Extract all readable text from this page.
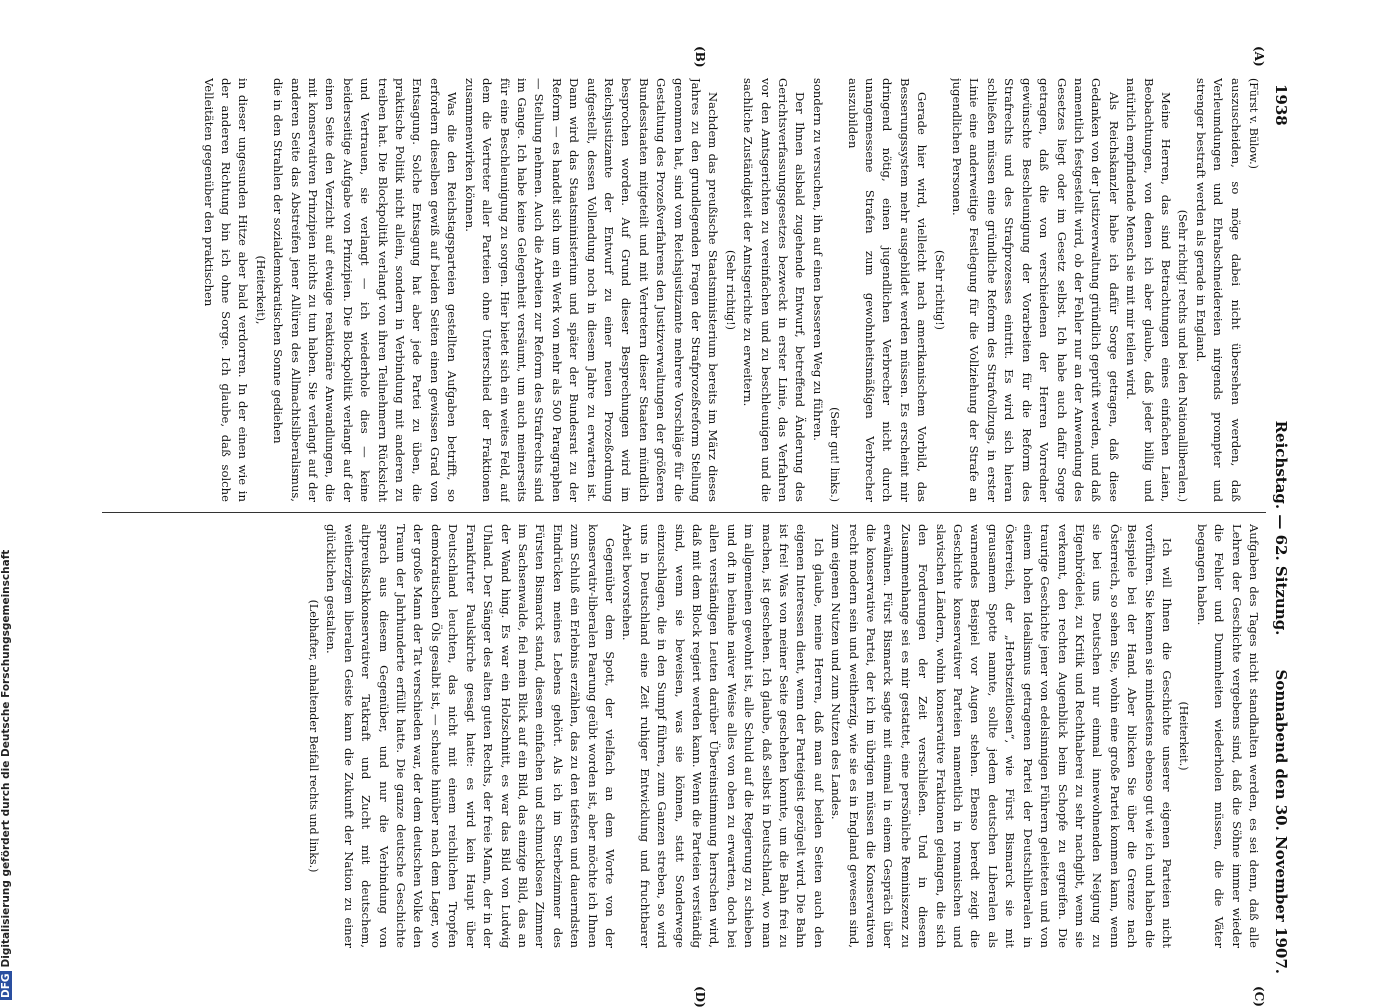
1938
Reichstag. — 62. Sitzung.
Sonnabend den 30. November 1907.
(A)
(B)
(C)
(D)

(Fürst v. Bülow.)

auszuscheiden, so möge dabei nicht übersehen werden, daß Verleumdungen und Ehrabschneidereien nirgends prompter und strenger bestraft werden als gerade in England.

(Sehr richtig! rechts und bei den Nationalliberalen.)

Meine Herren, das sind Betrachtungen eines einfachen Laien, Beobachtungen, von denen ich aber glaube, daß jeder billig und natürlich empfindende Mensch sie mit mir teilen wird.

Als Reichskanzler habe ich dafür Sorge getragen, daß diese Gedanken von der Justizverwaltung gründlich geprüft werden, und daß namentlich festgestellt wird, ob der Fehler nur an der Anwendung des Gesetzes liegt oder im Gesetz selbst. Ich habe auch dafür Sorge getragen, daß die von verschiedenen der Herren Vorredner gewünschte Beschleunigung der Vorarbeiten für die Reform des Strafrechts und des Strafprozesses eintritt. Es wird sich hieran schließen müssen eine gründliche Reform des Strafvollzugs, in erster Linie eine anderweitige Festlegung für die Vollziehung der Strafe an jugendlichen Personen.

(Sehr richtig!)

Gerade hier wird, vielleicht nach amerikanischem Vorbild, das Besserungssystem mehr ausgebildet werden müssen. Es erscheint mir dringend nötig, einen jugendlichen Verbrecher nicht durch unangemessene Strafen zum gewohnheitsmäßigen Verbrecher auszubilden

(Sehr gut! links.)

sondern zu versuchen, ihn auf einen besseren Weg zu führen.

Der Ihnen alsbald zugehende Entwurf, betreffend Änderung des Gerichtsverfassungsgesetzes bezweckt in erster Linie, das Verfahren vor den Amtsgerichten zu vereinfachen und zu beschleunigen und die sachliche Zuständigkeit der Amtsgerichte zu erweitern.

(Sehr richtig!)

Nachdem das preußische Staatsministerium bereits im März dieses Jahres zu den grundlegenden Fragen der Strafprozeßreform Stellung genommen hat, sind vom Reichsjustizamte mehrere Vorschläge für die Gestaltung des Prozeßverfahrens den Justizverwaltungen der größeren Bundesstaaten mitgeteilt und mit Vertretern dieser Staaten mündlich besprochen worden. Auf Grund dieser Besprechungen wird im Reichsjustizamte der Entwurf zu einer neuen Prozeßordnung aufgestellt, dessen Vollendung noch in diesem Jahre zu erwarten ist. Dann wird das Staatsministerium und später der Bundesrat zu der Reform — es handelt sich um ein Werk von mehr als 500 Paragraphen — Stellung nehmen. Auch die Arbeiten zur Reform des Strafrechts sind im Gange. Ich habe keine Gelegenheit versäumt, um auch meinerseits für eine Beschleunigung zu sorgen. Hier bietet sich ein weites Feld, auf dem die Vertreter aller Parteien ohne Unterschied der Fraktionen zusammenwirken können.

Was die den Reichstagsparteien gestellten Aufgaben betrifft, so erfordern dieselben gewiß auf beiden Seiten einen gewissen Grad von Entsagung. Solche Entsagung hat aber jede Partei zu üben, die praktische Politik nicht allein, sondern in Verbindung mit anderen zu treiben hat. Die Blockpolitik verlangt von ihren Teilnehmern Rücksicht und Vertrauen, sie verlangt — ich wiederhole dies — keine beiderseitige Aufgabe von Prinzipien. Die Blockpolitik verlangt auf der einen Seite den Verzicht auf etwaige reaktionäre Anwandlungen, die mit konservativen Prinzipien nichts zu tun haben. Sie verlangt auf der anderen Seite das Abstreifen jener Allüren des Allmachtsliberalismus, die in den Strahlen der sozialdemokratischen Sonne gediehen

(Heiterkeit),

in dieser ungesunden Hitze aber bald verdorren. In der einen wie in der anderen Richtung bin ich ohne Sorge. Ich glaube, daß solche Velleitäten gegenüber den praktischen

Aufgaben des Tages nicht standhalten werden, es sei denn, daß alle Lehren der Geschichte vergebens sind, daß die Söhne immer wieder die Fehler und Dummheiten wiederholen müssen, die die Väter begangen haben.

(Heiterkeit.)

Ich will Ihnen die Geschichte unserer eigenen Parteien nicht vorführen. Sie kennen sie mindestens ebenso gut wie ich und haben die Beispiele bei der Hand. Aber blicken Sie über die Grenze nach Österreich, so sehen Sie, wohin eine große Partei kommen kann, wenn sie bei uns Deutschen nur einmal innewohnenden Neigung zu Eigenbrödelei, zu Kritik und Rechthaberei zu sehr nachgibt, wenn sie verkennt, den rechten Augenblick beim Schopfe zu ergreifen. Die traurige Geschichte jener von edelsinnigen Führern geleiteten und von einem hohen Idealismus getragenen Partei der Deutschliberalen in Österreich, der „Herbstzeitlosen“, wie Fürst Bismarck sie mit grausamem Spotte nannte, sollte jedem deutschen Liberalen als warnendes Beispiel vor Augen stehen. Ebenso beredt zeigt die Geschichte konservativer Parteien namentlich in romanischen und slavischen Ländern, wohin konservative Fraktionen gelangen, die sich den Forderungen der Zeit verschließen. Und in diesem Zusammenhange sei es mir gestattet, eine persönliche Reminiszenz zu erwähnen. Fürst Bismarck sagte mit einmal in einem Gespräch über die konservative Partei, der ich im übrigen müssen die Konservativen recht modern sein und weitherzig, wie sie es in England gewesen sind, zum eigenen Nutzen und zum Nutzen des Landes.

Ich glaube, meine Herren, daß man auf beiden Seiten auch den eigenen Interessen dient, wenn der Parteigeist gezügelt wird. Die Bahn ist frei! Was von meiner Seite geschehen konnte, um die Bahn frei zu machen, ist geschehen. Ich glaube, daß selbst in Deutschland, wo man im allgemeinen gewohnt ist, alle Schuld auf die Regierung zu schieben und oft in beinahe naiver Weise alles von oben zu erwarten, doch bei allen verständigen Leuten darüber Übereinstimmung herrschen wird, daß mit dem Block regiert werden kann. Wenn die Parteien verständig sind, wenn sie beweisen, was sie können, statt Sonderwege einzuschlagen, die in den Sumpf führen, zum Ganzen streben, so wird uns in Deutschland eine Zeit ruhiger Entwicklung und fruchtbarer Arbeit bevorstehen.

Gegenüber dem Spott, der vielfach an dem Worte von der konservativ-liberalen Paarung geübt worden ist, aber möchte ich Ihnen zum Schluß ein Erlebnis erzählen, das zu den tiefsten und dauerndsten Eindrücken meines Lebens gehört. Als ich im Sterbezimmer des Fürsten Bismarck stand, diesem einfachen und schmucklosen Zimmer im Sachsenwalde, fiel mein Blick auf ein Bild, das einzige Bild, das an der Wand hing. Es war ein Holzschnitt, es war das Bild von Ludwig Uhland. Der Sänger des alten guten Rechts, der freie Mann, der in der Frankfurter Paulskirche gesagt hatte: es wird kein Haupt über Deutschland leuchten, das nicht mit einem reichlichen Tropfen demokratischen Öls gesalbt ist, — schaute hinüber nach dem Lager, wo der große Mann der Tat verschieden war, der dem deutschen Volke den Traum der Jahrhunderte erfüllt hatte. Die ganze deutsche Geschichte sprach aus diesem Gegenüber, und nur die Verbindung von altpreußischkonservativer Tatkraft und Zucht mit deutschem, weitherzigem liberalen Geiste kann die Zukunft der Nation zu einer glücklichen gestalten.

(Lebhafter, anhaltender Beifall rechts und links.)

DFGDigitalisierung gefördert durch die Deutsche Forschungsgemeinschaft
